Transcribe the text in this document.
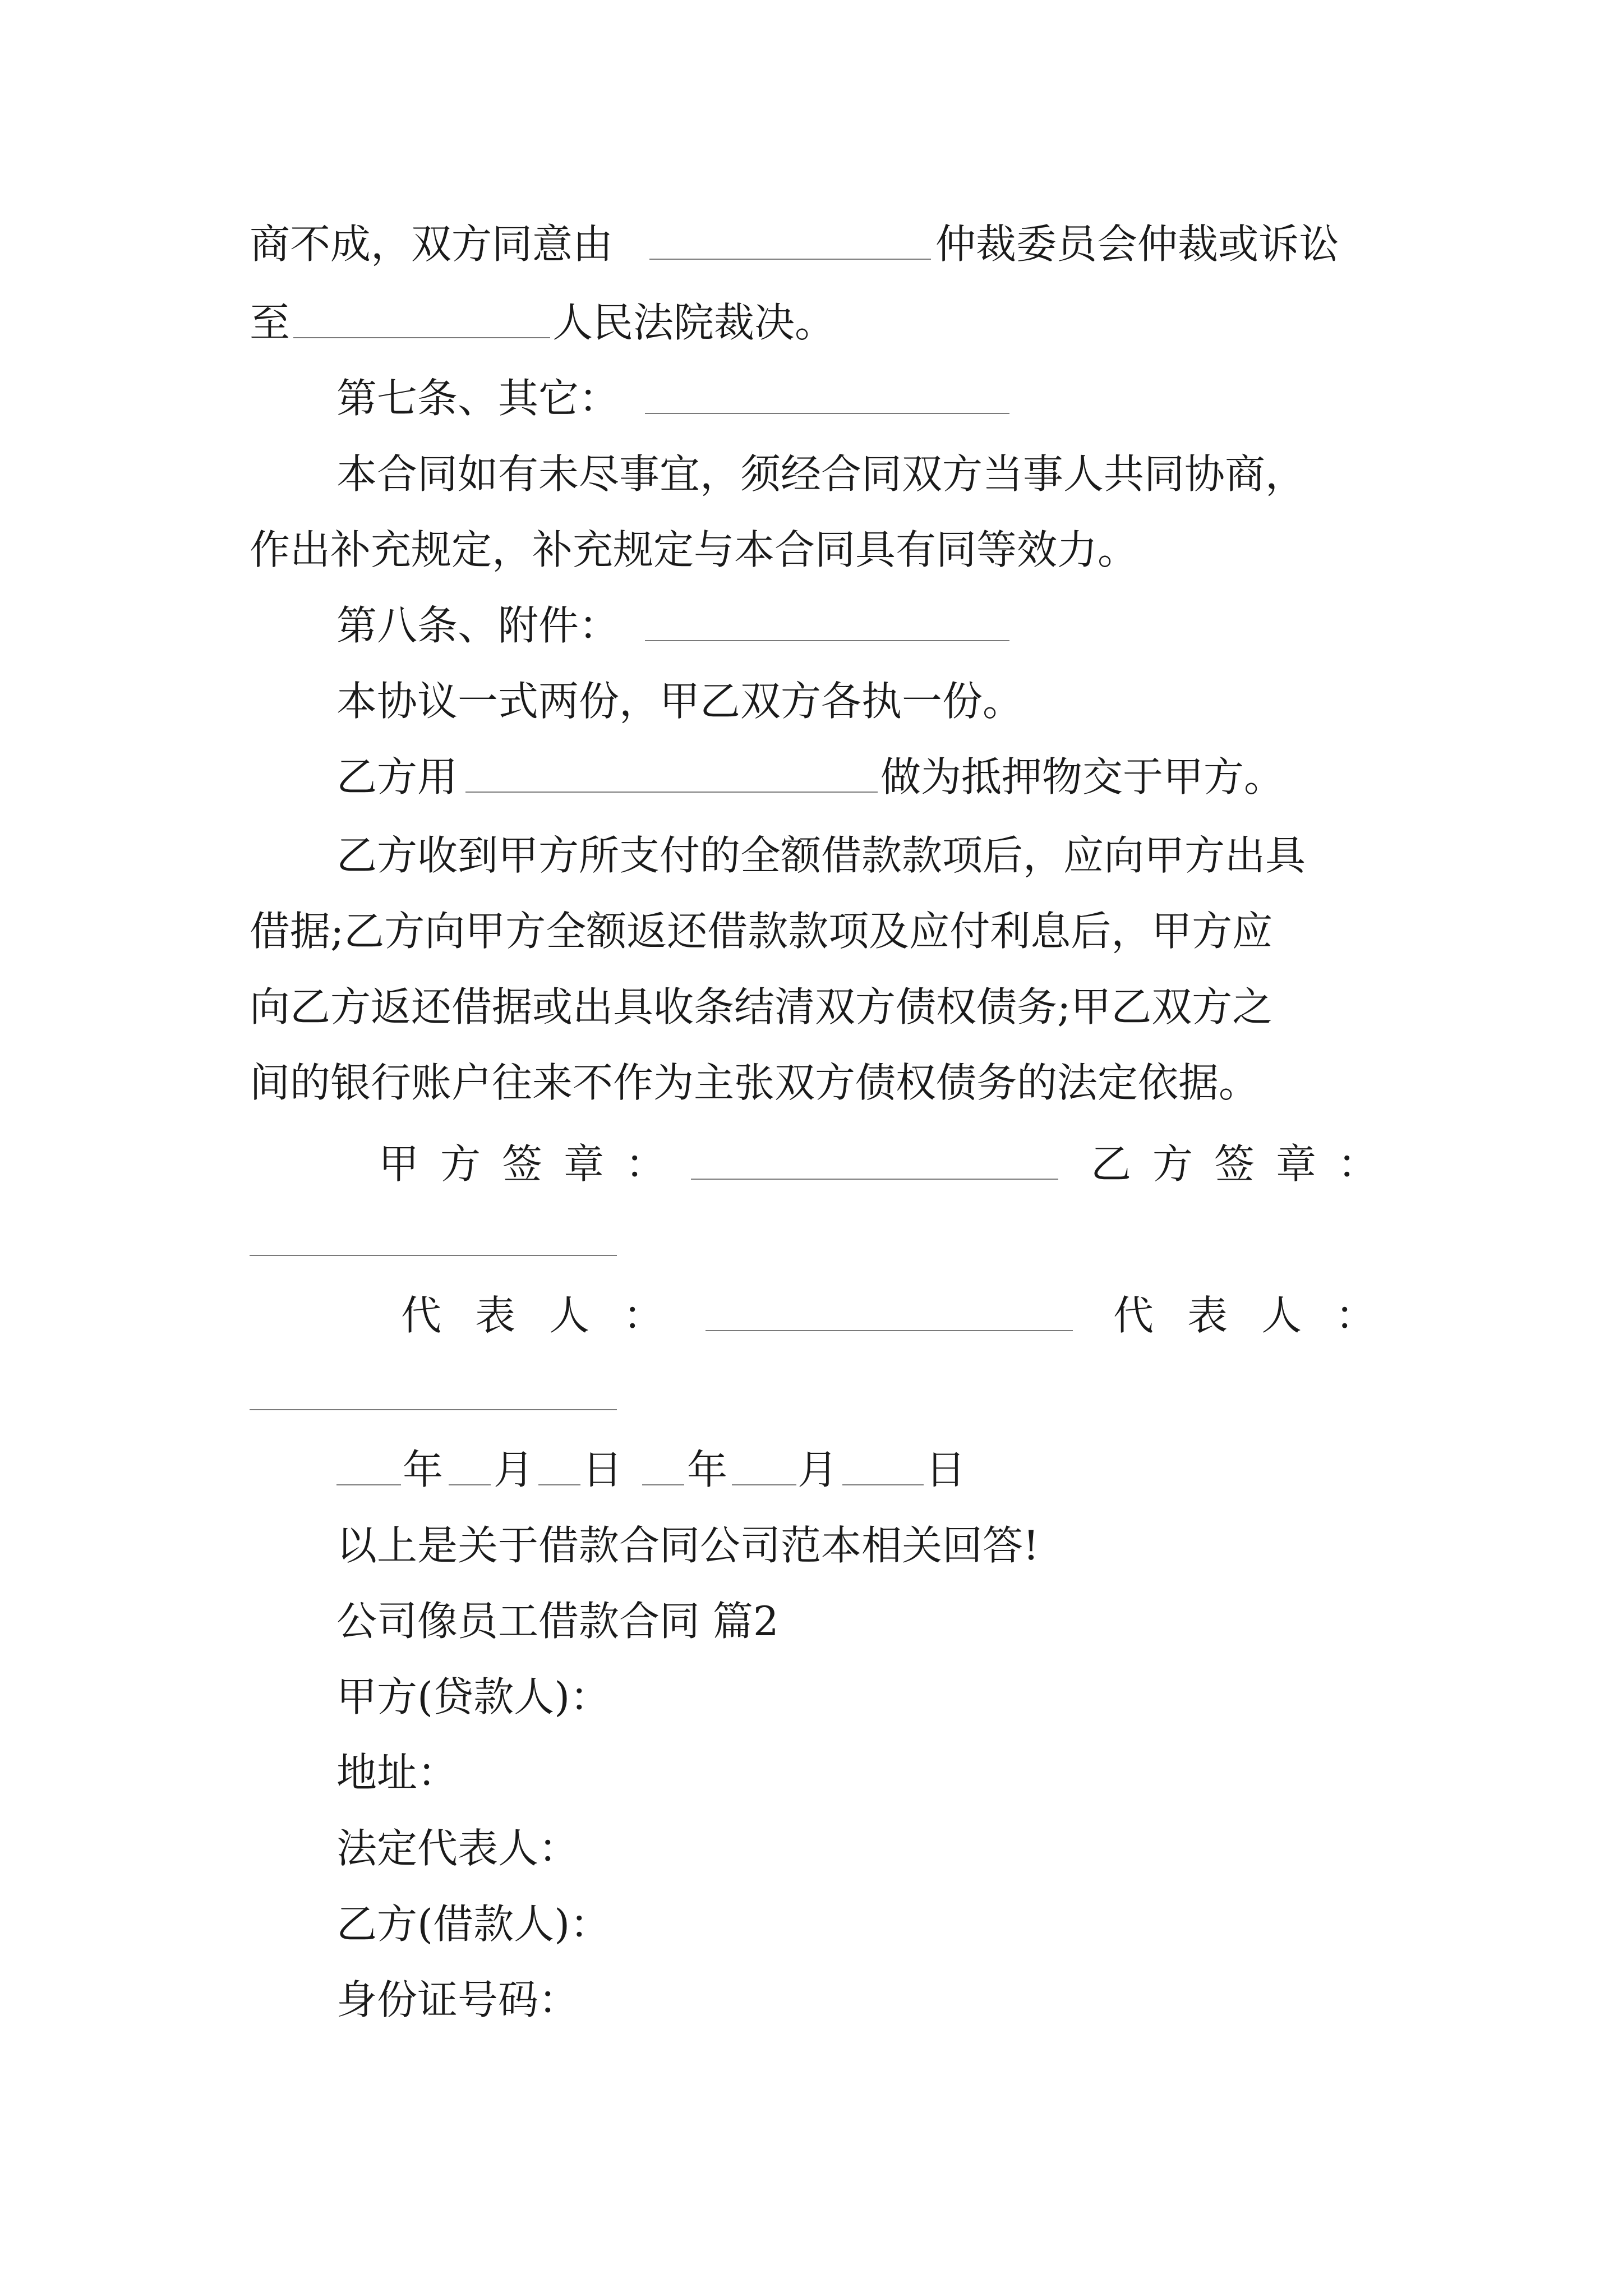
商不成，双方同意由	仲裁委员会仲裁或诉讼
至	人民法院裁决。
第七条、其它：
本合同如有未尽事宜，须经合同双方当事人共同协商，
作出补充规定，补充规定与本合同具有同等效力。
第八条、附件：
本协议一式两份，甲乙双方各执一份。
乙方用	做为抵押物交于甲方。
乙方收到甲方所支付的全额借款款项后，应向甲方出具
借据;乙方向甲方全额返还借款款项及应付利息后，甲方应
向乙方返还借据或出具收条结清双方债权债务;甲乙双方之
间的银行账户往来不作为主张双方债权债务的法定依据。
甲方签章：	乙方签章：
代表人：	代表人：
年 月 日 年 月 日
以上是关于借款合同公司范本相关回答!
公司像员工借款合同 篇2
甲方(贷款人)：
地址：
法定代表人：
乙方(借款人)：
身份证号码：
